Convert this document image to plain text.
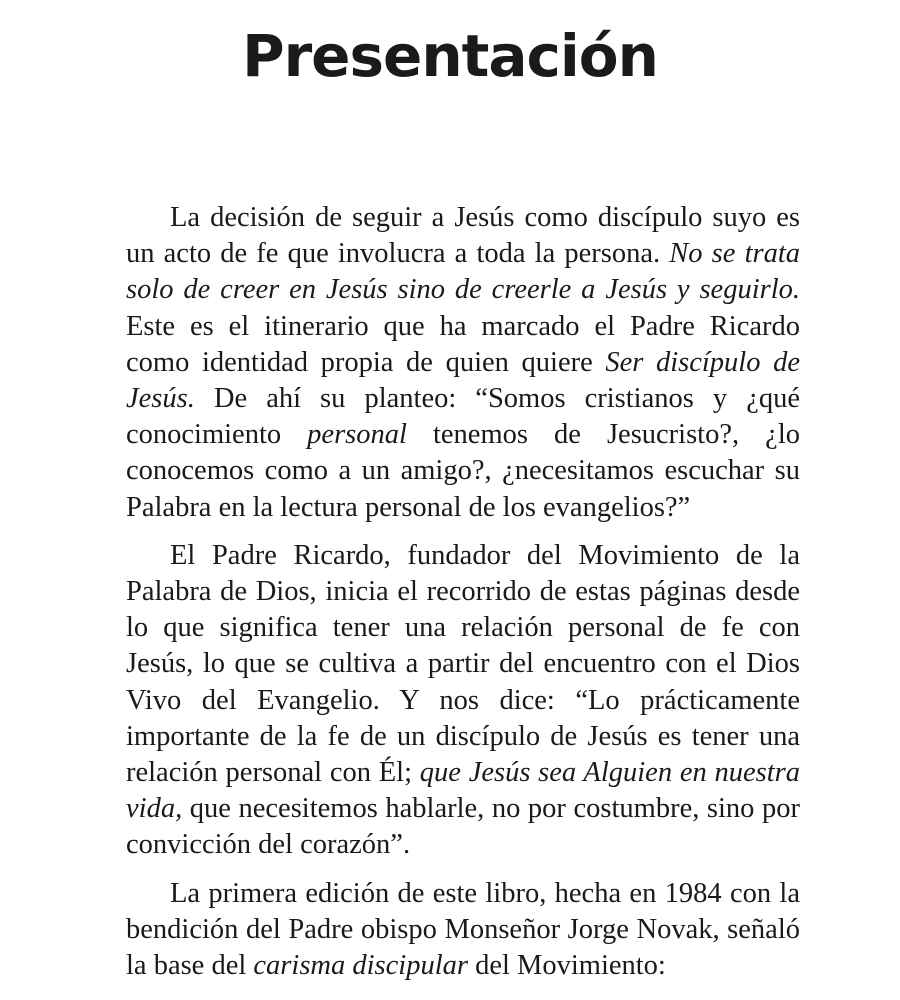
Presentación

La decisión de seguir a Jesús como discípulo suyo es un acto de fe que involucra a toda la persona. No se trata solo de creer en Jesús sino de creerle a Jesús y seguirlo. Este es el itinerario que ha marcado el Padre Ricardo como identidad propia de quien quiere Ser discípulo de Jesús. De ahí su planteo: “Somos cristianos y ¿qué conocimiento personal tenemos de Jesucristo?, ¿lo conocemos como a un amigo?, ¿necesitamos escuchar su Palabra en la lectura personal de los evangelios?”

El Padre Ricardo, fundador del Movimiento de la Palabra de Dios, inicia el recorrido de estas páginas desde lo que significa tener una relación personal de fe con Jesús, lo que se cultiva a partir del encuentro con el Dios Vivo del Evangelio. Y nos dice: “Lo prácticamente importante de la fe de un discípulo de Jesús es tener una relación personal con Él; que Jesús sea Alguien en nuestra vida, que necesitemos hablarle, no por costumbre, sino por convicción del corazón”.

La primera edición de este libro, hecha en 1984 con la bendición del Padre obispo Monseñor Jorge Novak, señaló la base del carisma discipular del Movimiento:
